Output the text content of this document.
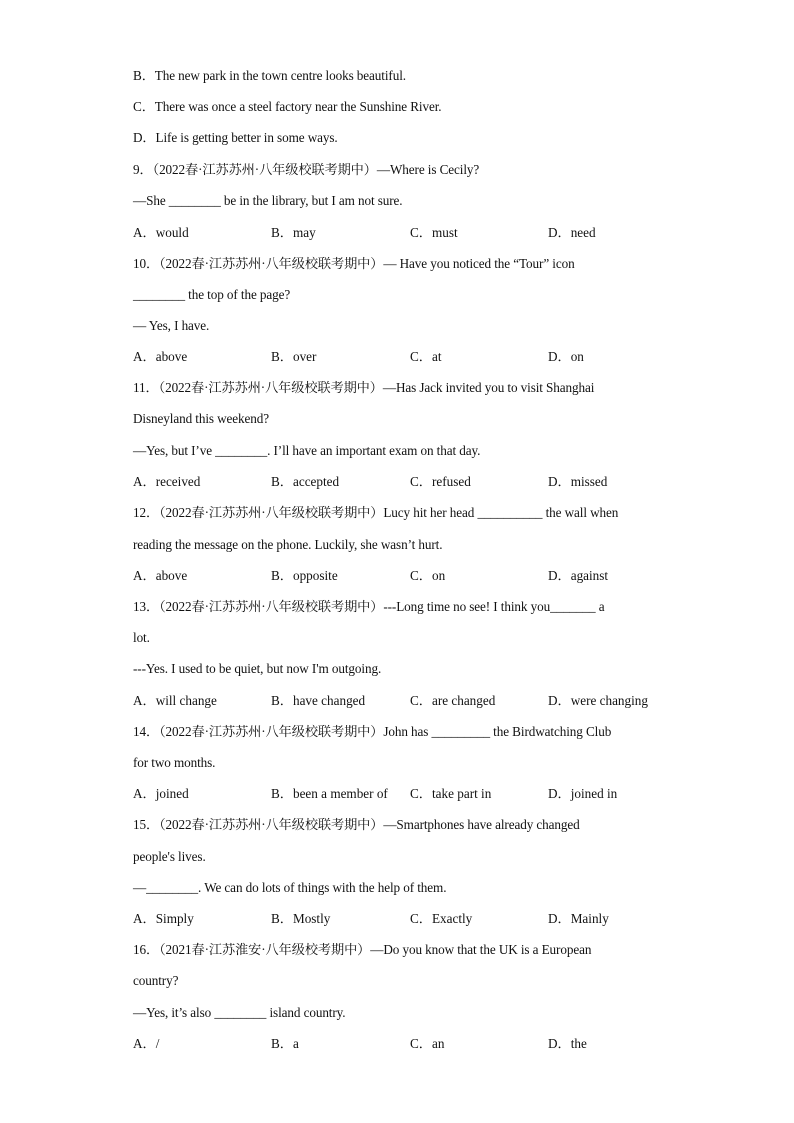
B．The new park in the town centre looks beautiful.
C．There was once a steel factory near the Sunshine River.
D．Life is getting better in some ways.
9．（2022春·江苏苏州·八年级校联考期中）—Where is Cecily?
—She ________ be in the library, but I am not sure.
A．would	B．may	C．must	D．need
10．（2022春·江苏苏州·八年级校联考期中）— Have you noticed the “Tour” icon
________ the top of the page?
— Yes, I have.
A．above	B．over	C．at	D．on
11．（2022春·江苏苏州·八年级校联考期中）—Has Jack invited you to visit Shanghai
Disneyland this weekend?
—Yes, but I’ve ________. I’ll have an important exam on that day.
A．received	B．accepted	C．refused	D．missed
12．（2022春·江苏苏州·八年级校联考期中）Lucy hit her head __________ the wall when
reading the message on the phone. Luckily, she wasn’t hurt.
A．above	B．opposite	C．on	D．against
13．（2022春·江苏苏州·八年级校联考期中）---Long time no see! I think you_______ a
lot.
---Yes. I used to be quiet, but now I'm outgoing.
A．will change	B．have changed	C．are changed	D．were changing
14．（2022春·江苏苏州·八年级校联考期中）John has _________ the Birdwatching Club
for two months.
A．joined	B．been a member of C．take part in	D．joined in
15．（2022春·江苏苏州·八年级校联考期中）—Smartphones have already changed
people's lives.
—________. We can do lots of things with the help of them.
A．Simply	B．Mostly	C．Exactly	D．Mainly
16．（2021春·江苏淮安·八年级校考期中）—Do you know that the UK is a European
country?
—Yes, it’s also ________ island country.
A．/	B．a	C．an	D．the
